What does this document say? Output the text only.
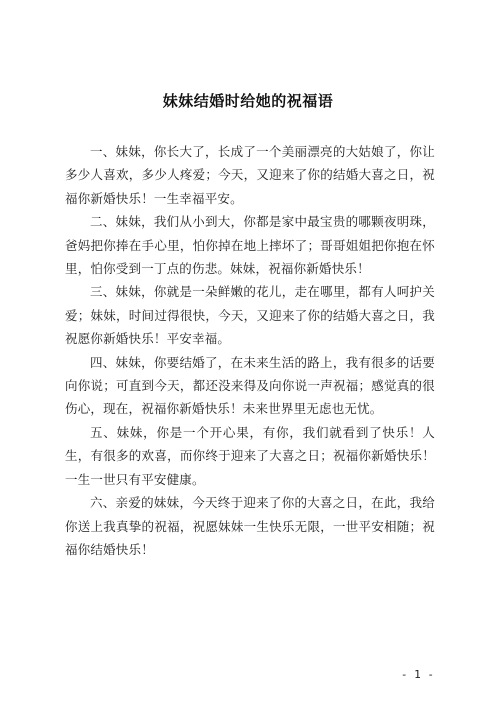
妹妹结婚时给她的祝福语

一、妹妹，你长大了，长成了一个美丽漂亮的大姑娘了，你让多少人喜欢，多少人疼爱；今天，又迎来了你的结婚大喜之日，祝福你新婚快乐！一生幸福平安。

二、妹妹，我们从小到大，你都是家中最宝贵的哪颗夜明珠，爸妈把你捧在手心里，怕你掉在地上摔坏了；哥哥姐姐把你抱在怀里，怕你受到一丁点的伤悲。妹妹，祝福你新婚快乐！

三、妹妹，你就是一朵鲜嫩的花儿，走在哪里，都有人呵护关爱；妹妹，时间过得很快，今天，又迎来了你的结婚大喜之日，我祝愿你新婚快乐！平安幸福。

四、妹妹，你要结婚了，在未来生活的路上，我有很多的话要向你说；可直到今天，都还没来得及向你说一声祝福；感觉真的很伤心，现在，祝福你新婚快乐！未来世界里无虑也无忧。

五、妹妹，你是一个开心果，有你，我们就看到了快乐！人生，有很多的欢喜，而你终于迎来了大喜之日；祝福你新婚快乐！一生一世只有平安健康。

六、亲爱的妹妹，今天终于迎来了你的大喜之日，在此，我给你送上我真挚的祝福，祝愿妹妹一生快乐无限，一世平安相随；祝福你结婚快乐！

- 1 -
